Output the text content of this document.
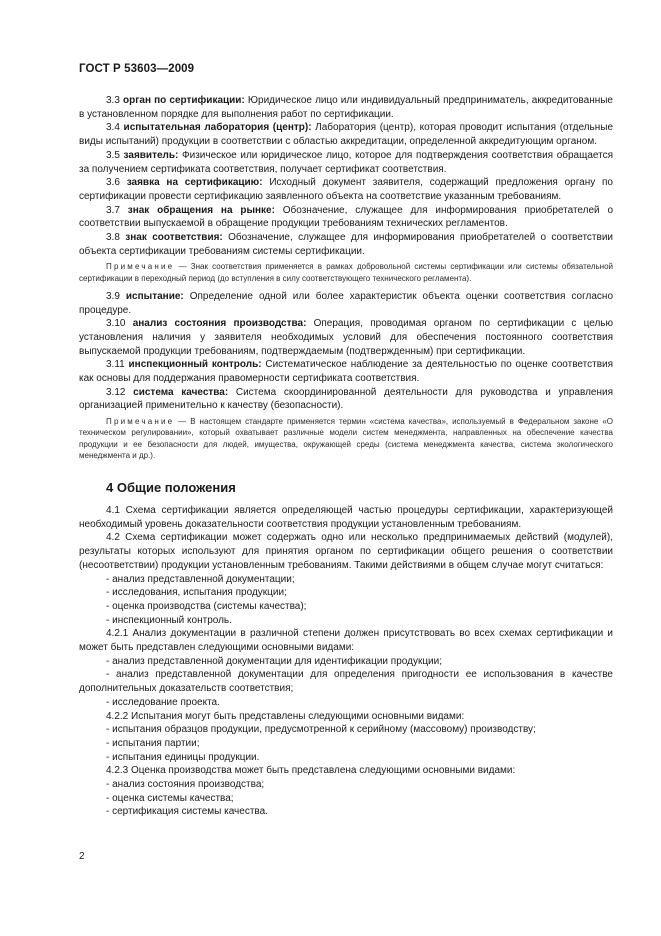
ГОСТ Р 53603—2009

3.3 орган по сертификации: Юридическое лицо или индивидуальный предприниматель, аккредитованные в установленном порядке для выполнения работ по сертификации.

3.4 испытательная лаборатория (центр): Лаборатория (центр), которая проводит испытания (отдельные виды испытаний) продукции в соответствии с областью аккредитации, определенной аккредитующим органом.

3.5 заявитель: Физическое или юридическое лицо, которое для подтверждения соответствия обращается за получением сертификата соответствия, получает сертификат соответствия.

3.6 заявка на сертификацию: Исходный документ заявителя, содержащий предложения органу по сертификации провести сертификацию заявленного объекта на соответствие указанным требованиям.

3.7 знак обращения на рынке: Обозначение, служащее для информирования приобретателей о соответствии выпускаемой в обращение продукции требованиям технических регламентов.

3.8 знак соответствия: Обозначение, служащее для информирования приобретателей о соответствии объекта сертификации требованиям системы сертификации.

Примечание — Знак соответствия применяется в рамках добровольной системы сертификации или системы обязательной сертификации в переходный период (до вступления в силу соответствующего технического регламента).

3.9 испытание: Определение одной или более характеристик объекта оценки соответствия согласно процедуре.

3.10 анализ состояния производства: Операция, проводимая органом по сертификации с целью установления наличия у заявителя необходимых условий для обеспечения постоянного соответствия выпускаемой продукции требованиям, подтверждаемым (подтвержденным) при сертификации.

3.11 инспекционный контроль: Систематическое наблюдение за деятельностью по оценке соответствия как основы для поддержания правомерности сертификата соответствия.

3.12 система качества: Система скоординированной деятельности для руководства и управления организацией применительно к качеству (безопасности).

Примечание — В настоящем стандарте применяется термин «система качества», используемый в Федеральном законе «О техническом регулировании», который охватывает различные модели систем менеджмента, направленных на обеспечение качества продукции и ее безопасности для людей, имущества, окружающей среды (система менеджмента качества, система экологического менеджмента и др.).

4 Общие положения

4.1 Схема сертификации является определяющей частью процедуры сертификации, характеризующей необходимый уровень доказательности соответствия продукции установленным требованиям.

4.2 Схема сертификации может содержать одно или несколько предпринимаемых действий (модулей), результаты которых используют для принятия органом по сертификации общего решения о соответствии (несоответствии) продукции установленным требованиям. Такими действиями в общем случае могут считаться:

- анализ представленной документации;

- исследования, испытания продукции;

- оценка производства (системы качества);

- инспекционный контроль.

4.2.1 Анализ документации в различной степени должен присутствовать во всех схемах сертификации и может быть представлен следующими основными видами:

- анализ представленной документации для идентификации продукции;

- анализ представленной документации для определения пригодности ее использования в качестве дополнительных доказательств соответствия;

- исследование проекта.

4.2.2 Испытания могут быть представлены следующими основными видами:

- испытания образцов продукции, предусмотренной к серийному (массовому) производству;

- испытания партии;

- испытания единицы продукции.

4.2.3 Оценка производства может быть представлена следующими основными видами:

- анализ состояния производства;

- оценка системы качества;

- сертификация системы качества.

2
